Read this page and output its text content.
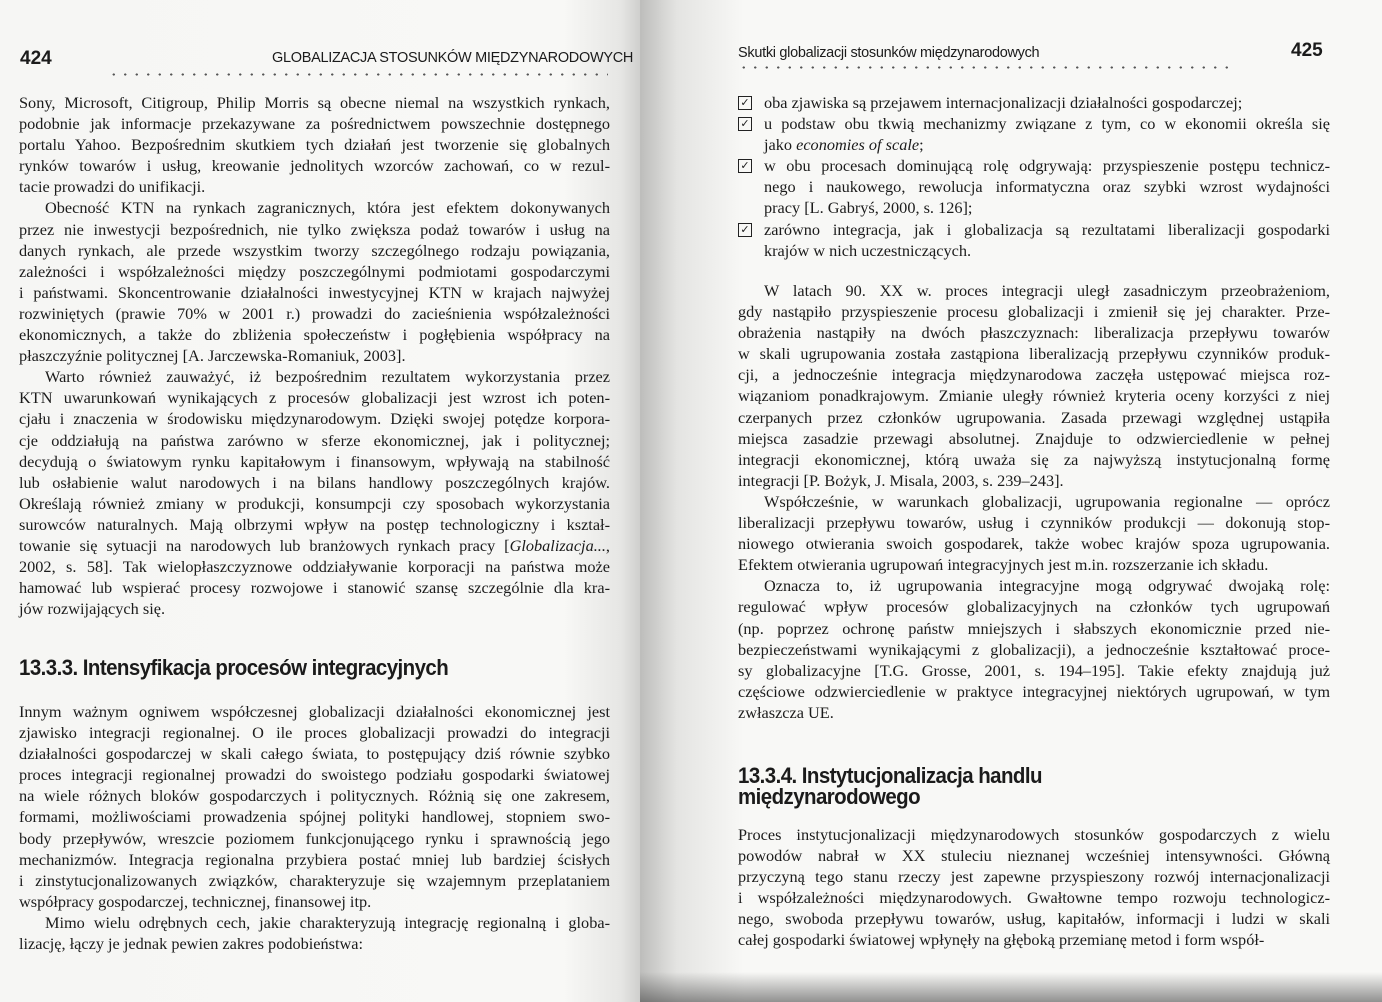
424	GLOBALIZACJA STOSUNKÓW MIĘDZYNARODOWYCH
Sony, Microsoft, Citigroup, Philip Morris są obecne niemal na wszystkich rynkach,
podobnie jak informacje przekazywane za pośrednictwem powszechnie dostępnego
portalu Yahoo. Bezpośrednim skutkiem tych działań jest tworzenie się globalnych
rynków towarów i usług, kreowanie jednolitych wzorców zachowań, co w rezul-
tacie prowadzi do unifikacji.
Obecność KTN na rynkach zagranicznych, która jest efektem dokonywanych
przez nie inwestycji bezpośrednich, nie tylko zwiększa podaż towarów i usług na
danych rynkach, ale przede wszystkim tworzy szczególnego rodzaju powiązania,
zależności i współzależności między poszczególnymi podmiotami gospodarczymi
i państwami. Skoncentrowanie działalności inwestycyjnej KTN w krajach najwyżej
rozwiniętych (prawie 70% w 2001 r.) prowadzi do zacieśnienia współzależności
ekonomicznych, a także do zbliżenia społeczeństw i pogłębienia współpracy na
płaszczyźnie politycznej [A. Jarczewska-Romaniuk, 2003].
Warto również zauważyć, iż bezpośrednim rezultatem wykorzystania przez
KTN uwarunkowań wynikających z procesów globalizacji jest wzrost ich poten-
cjału i znaczenia w środowisku międzynarodowym. Dzięki swojej potędze korpora-
cje oddziałują na państwa zarówno w sferze ekonomicznej, jak i politycznej;
decydują o światowym rynku kapitałowym i finansowym, wpływają na stabilność
lub osłabienie walut narodowych i na bilans handlowy poszczególnych krajów.
Określają również zmiany w produkcji, konsumpcji czy sposobach wykorzystania
surowców naturalnych. Mają olbrzymi wpływ na postęp technologiczny i kształ-
towanie się sytuacji na narodowych lub branżowych rynkach pracy [Globalizacja...,
2002, s. 58]. Tak wielopłaszczyznowe oddziaływanie korporacji na państwa może
hamować lub wspierać procesy rozwojowe i stanowić szansę szczególnie dla kra-
jów rozwijających się.
13.3.3. Intensyfikacja procesów integracyjnych
Innym ważnym ogniwem współczesnej globalizacji działalności ekonomicznej jest
zjawisko integracji regionalnej. O ile proces globalizacji prowadzi do integracji
działalności gospodarczej w skali całego świata, to postępujący dziś równie szybko
proces integracji regionalnej prowadzi do swoistego podziału gospodarki światowej
na wiele różnych bloków gospodarczych i politycznych. Różnią się one zakresem,
formami, możliwościami prowadzenia spójnej polityki handlowej, stopniem swo-
body przepływów, wreszcie poziomem funkcjonującego rynku i sprawnością jego
mechanizmów. Integracja regionalna przybiera postać mniej lub bardziej ścisłych
i zinstytucjonalizowanych związków, charakteryzuje się wzajemnym przeplataniem
współpracy gospodarczej, technicznej, finansowej itp.
Mimo wielu odrębnych cech, jakie charakteryzują integrację regionalną i globa-
lizację, łączy je jednak pewien zakres podobieństwa:
Skutki globalizacji stosunków międzynarodowych	425
✓ oba zjawiska są przejawem internacjonalizacji działalności gospodarczej;
✓ u podstaw obu tkwią mechanizmy związane z tym, co w ekonomii określa się
jako economies of scale;
✓ w obu procesach dominującą rolę odgrywają: przyspieszenie postępu technicz-
nego i naukowego, rewolucja informatyczna oraz szybki wzrost wydajności
pracy [L. Gabryś, 2000, s. 126];
✓ zarówno integracja, jak i globalizacja są rezultatami liberalizacji gospodarki
krajów w nich uczestniczących.
W latach 90. XX w. proces integracji uległ zasadniczym przeobrażeniom,
gdy nastąpiło przyspieszenie procesu globalizacji i zmienił się jej charakter. Prze-
obrażenia nastąpiły na dwóch płaszczyznach: liberalizacja przepływu towarów
w skali ugrupowania została zastąpiona liberalizacją przepływu czynników produk-
cji, a jednocześnie integracja międzynarodowa zaczęła ustępować miejsca roz-
wiązaniom ponadkrajowym. Zmianie uległy również kryteria oceny korzyści z niej
czerpanych przez członków ugrupowania. Zasada przewagi względnej ustąpiła
miejsca zasadzie przewagi absolutnej. Znajduje to odzwierciedlenie w pełnej
integracji ekonomicznej, którą uważa się za najwyższą instytucjonalną formę
integracji [P. Bożyk, J. Misala, 2003, s. 239–243].
Współcześnie, w warunkach globalizacji, ugrupowania regionalne — oprócz
liberalizacji przepływu towarów, usług i czynników produkcji — dokonują stop-
niowego otwierania swoich gospodarek, także wobec krajów spoza ugrupowania.
Efektem otwierania ugrupowań integracyjnych jest m.in. rozszerzanie ich składu.
Oznacza to, iż ugrupowania integracyjne mogą odgrywać dwojaką rolę:
regulować wpływ procesów globalizacyjnych na członków tych ugrupowań
(np. poprzez ochronę państw mniejszych i słabszych ekonomicznie przed nie-
bezpieczeństwami wynikającymi z globalizacji), a jednocześnie kształtować proce-
sy globalizacyjne [T.G. Grosse, 2001, s. 194–195]. Takie efekty znajdują już
częściowe odzwierciedlenie w praktyce integracyjnej niektórych ugrupowań, w tym
zwłaszcza UE.
13.3.4. Instytucjonalizacja handlu
międzynarodowego
Proces instytucjonalizacji międzynarodowych stosunków gospodarczych z wielu
powodów nabrał w XX stuleciu nieznanej wcześniej intensywności. Główną
przyczyną tego stanu rzeczy jest zapewne przyspieszony rozwój internacjonalizacji
i współzależności międzynarodowych. Gwałtowne tempo rozwoju technologicz-
nego, swoboda przepływu towarów, usług, kapitałów, informacji i ludzi w skali
całej gospodarki światowej wpłynęły na głęboką przemianę metod i form współ-
